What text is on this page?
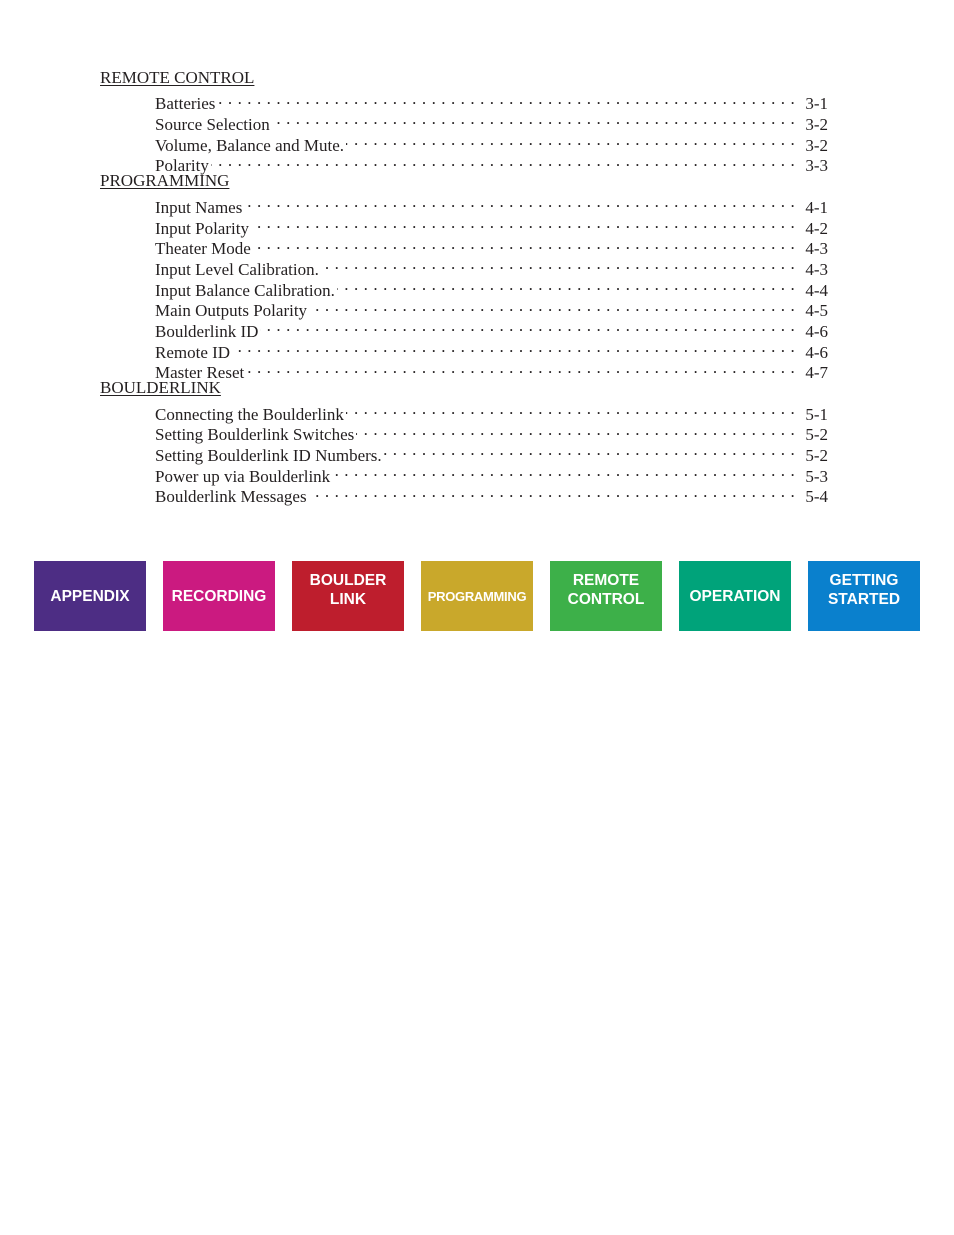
REMOTE CONTROL
Batteries . . .	3-1
Source Selection . . .	3-2
Volume, Balance and Mute. . . .	3-2
Polarity . . .	3-3
PROGRAMMING
Input Names . . .	4-1
Input Polarity . . .	4-2
Theater Mode . . .	4-3
Input Level Calibration. . . .	4-3
Input Balance Calibration. . . .	4-4
Main Outputs Polarity . . .	4-5
Boulderlink ID . . .	4-6
Remote ID . . .	4-6
Master Reset . . .	4-7
BOULDERLINK
Connecting the Boulderlink . . .	5-1
Setting Boulderlink Switches . . .	5-2
Setting Boulderlink ID Numbers. . . .	5-2
Power up via Boulderlink . . .	5-3
Boulderlink Messages . . .	5-4
APPENDIX	RECORDING
BOULDER
LINK	PROGRAMMING
REMOTE
CONTROL	OPERATION
GETTING
STARTED
